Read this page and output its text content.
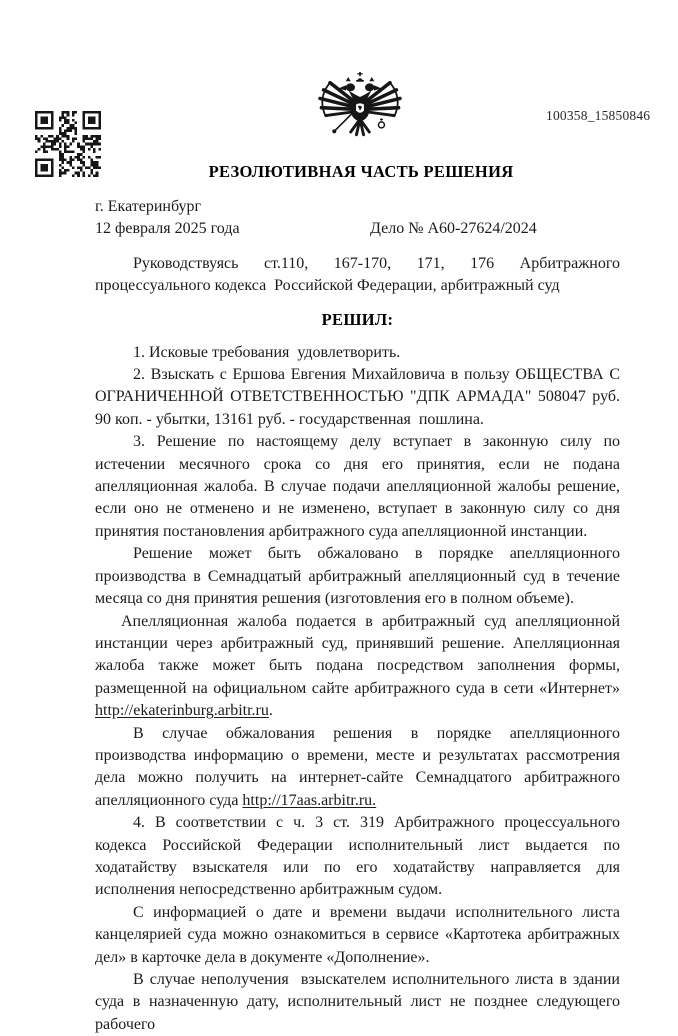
100358_15850846
РЕЗОЛЮТИВНАЯ ЧАСТЬ РЕШЕНИЯ
г. Екатеринбург
12 февраля 2025 года	Дело № А60-27624/2024

Руководствуясь ст.110, 167-170, 171, 176 Арбитражного процессуального кодекса  Российской Федерации, арбитражный суд

РЕШИЛ:

1. Исковые требования  удовлетворить.

2. Взыскать с Ершова Евгения Михайловича в пользу ОБЩЕСТВА С ОГРАНИЧЕННОЙ ОТВЕТСТВЕННОСТЬЮ "ДПК АРМАДА" 508047 руб. 90 коп. - убытки, 13161 руб. - государственная  пошлина.

3. Решение по настоящему делу вступает в законную силу по истечении месячного срока со дня его принятия, если не подана апелляционная жалоба. В случае подачи апелляционной жалобы решение, если оно не отменено и не изменено, вступает в законную силу со дня принятия постановления арбитражного суда апелляционной инстанции.

Решение может быть обжаловано в порядке апелляционного производства в Семнадцатый арбитражный апелляционный суд в течение месяца со дня принятия решения (изготовления его в полном объеме).

Апелляционная жалоба подается в арбитражный суд апелляционной инстанции через арбитражный суд, принявший решение. Апелляционная жалоба также может быть подана посредством заполнения формы, размещенной на официальном сайте арбитражного суда в сети «Интернет» http://ekaterinburg.arbitr.ru.

В случае обжалования решения в порядке апелляционного производства информацию о времени, месте и результатах рассмотрения дела можно получить на интернет-сайте Семнадцатого арбитражного апелляционного суда http://17aas.arbitr.ru.

4. В соответствии с ч. 3 ст. 319 Арбитражного процессуального кодекса Российской Федерации исполнительный лист выдается по ходатайству взыскателя или по его ходатайству направляется для исполнения непосредственно арбитражным судом.

С информацией о дате и времени выдачи исполнительного листа канцелярией суда можно ознакомиться в сервисе «Картотека арбитражных дел» в карточке дела в документе «Дополнение».

В случае неполучения  взыскателем исполнительного листа в здании суда в назначенную дату, исполнительный лист не позднее следующего рабочего
